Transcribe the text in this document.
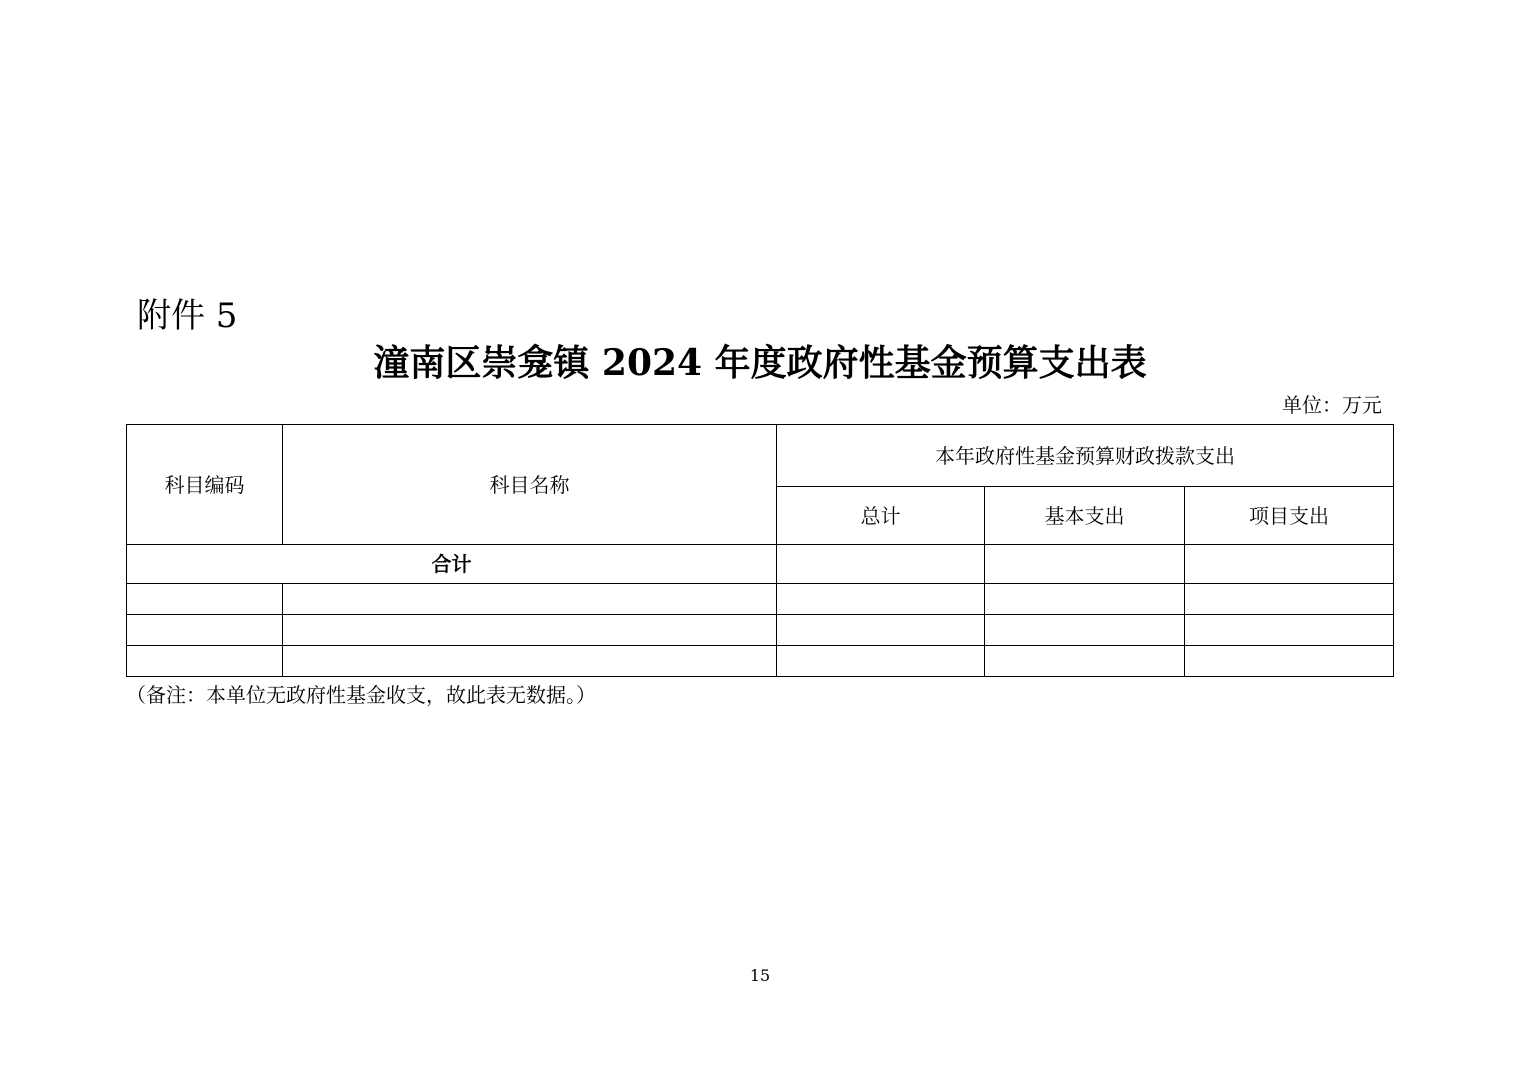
附件 5
潼南区崇龛镇 2024 年度政府性基金预算支出表
单位：万元
科目编码	科目名称	本年政府性基金预算财政拨款支出		
		总计	基本支出	项目支出
合计				

（备注：本单位无政府性基金收支，故此表无数据。）
15
